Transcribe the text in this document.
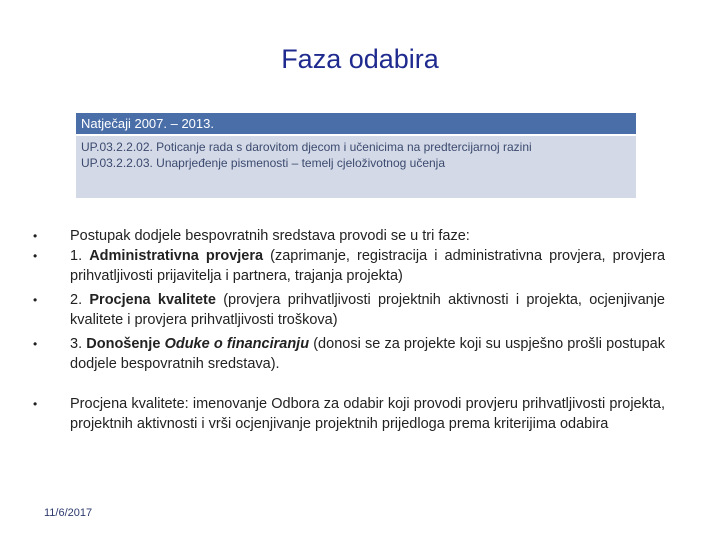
Faza odabira
Natječaji 2007. – 2013.
UP.03.2.2.02. Poticanje rada s darovitom djecom i učenicima na predtercijarnoj razini
UP.03.2.2.03. Unaprjeđenje pismenosti – temelj cjeloživotnog učenja
• Postupak dodjele bespovratnih sredstava provodi se u tri faze:
• 1. Administrativna provjera (zaprimanje, registracija i administrativna provjera, provjera prihvatljivosti prijavitelja i partnera, trajanja projekta)
• 2. Procjena kvalitete (provjera prihvatljivosti projektnih aktivnosti i projekta, ocjenjivanje kvalitete i provjera prihvatljivosti troškova)
• 3. Donošenje Oduke o financiranju (donosi se za projekte koji su uspješno prošli postupak dodjele bespovratnih sredstava).
• Procjena kvalitete: imenovanje Odbora za odabir koji provodi provjeru prihvatljivosti projekta, projektnih aktivnosti i vrši ocjenjivanje projektnih prijedloga prema kriterijima odabira
11/6/2017
